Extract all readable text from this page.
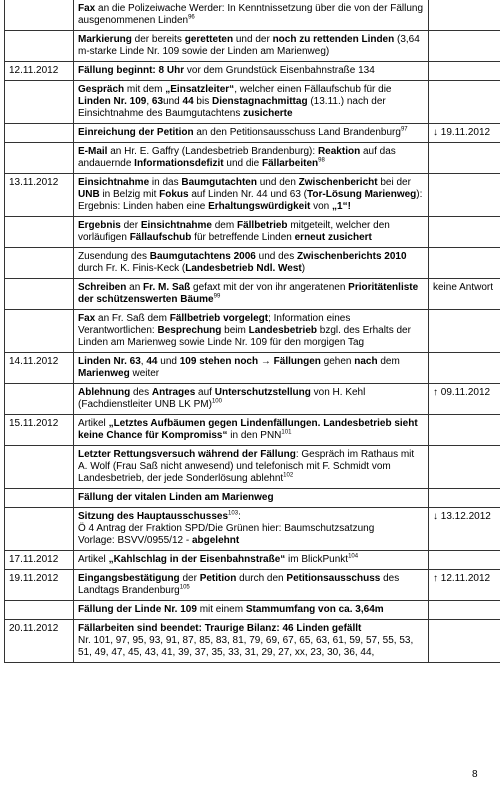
	Fax an die Polizeiwache Werder: In Kenntnissetzung über die von der Fällung ausgenommenen Linden$^{96}$	
	Markierung der bereits geretteten und der noch zu rettenden Linden (3,64 m-starke Linde Nr. 109 sowie der Linden am Marienweg)	
12.11.2012	Fällung beginnt: 8 Uhr vor dem Grundstück Eisenbahnstraße 134	
	Gespräch mit dem „Einsatzleiter“, welcher einen Fällaufschub für die Linden Nr. 109, 63und 44 bis Dienstagnachmittag (13.11.) nach der Einsichtnahme des Baumgutachtens zusicherte	
	Einreichung der Petition an den Petitionsausschuss Land Brandenburg$^{97}$	↓ 19.11.2012
	E-Mail an Hr. E. Gaffry (Landesbetrieb Brandenburg): Reaktion auf das andauernde Informationsdefizit und die Fällarbeiten$^{98}$	
13.11.2012	Einsichtnahme in das Baumgutachten und den Zwischenbericht bei der UNB in Belzig mit Fokus auf Linden Nr. 44 und 63 (Tor-Lösung Marienweg):
Ergebnis: Linden haben eine Erhaltungswürdigkeit von „1“!	
	Ergebnis der Einsichtnahme dem Fällbetrieb mitgeteilt, welcher den vorläufigen Fällaufschub für betreffende Linden erneut zusichert	
	Zusendung des Baumgutachtens 2006 und des Zwischenberichts 2010 durch Fr. K. Finis-Keck (Landesbetrieb Ndl. West)	
	Schreiben an Fr. M. Saß gefaxt mit der von ihr angeratenen Prioritätenliste der schützenswerten Bäume$^{99}$	keine Antwort
	Fax an Fr. Saß dem Fällbetrieb vorgelegt; Information eines Verantwortlichen: Besprechung beim Landesbetrieb bzgl. des Erhalts der Linden am Marienweg sowie Linde Nr. 109 für den morgigen Tag	
14.11.2012	Linden Nr. 63, 44 und 109 stehen noch → Fällungen gehen nach dem Marienweg weiter	
	Ablehnung des Antrages auf Unterschutzstellung von H. Kehl (Fachdienstleiter UNB LK PM)$^{100}$	↑ 09.11.2012
15.11.2012	Artikel „Letztes Aufbäumen gegen Lindenfällungen. Landesbetrieb sieht keine Chance für Kompromiss“ in den PNN$^{101}$	
	Letzter Rettungsversuch während der Fällung: Gespräch im Rathaus mit A. Wolf (Frau Saß nicht anwesend) und telefonisch mit F. Schmidt vom Landesbetrieb, der jede Sonderlösung ablehnt$^{102}$	
	Fällung der vitalen Linden am Marienweg	
	Sitzung des Hauptausschusses$^{103}$:
Ö 4 Antrag der Fraktion SPD/Die Grünen hier: Baumschutzsatzung
Vorlage: BSVV/0955/12 - abgelehnt	↓ 13.12.2012
17.11.2012	Artikel „Kahlschlag in der Eisenbahnstraße“ im BlickPunkt$^{104}$	
19.11.2012	Eingangsbestätigung der Petition durch den Petitionsausschuss des Landtags Brandenburg$^{105}$	↑ 12.11.2012
	Fällung der Linde Nr. 109 mit einem Stammumfang von ca. 3,64m	
20.11.2012	Fällarbeiten sind beendet: Traurige Bilanz: 46 Linden gefällt
Nr. 101, 97, 95, 93, 91, 87, 85, 83, 81, 79, 69, 67, 65, 63, 61, 59, 57, 55, 53, 51, 49, 47, 45, 43, 41, 39, 37, 35, 33, 31, 29, 27, xx, 23, 30, 36, 44,	
8
